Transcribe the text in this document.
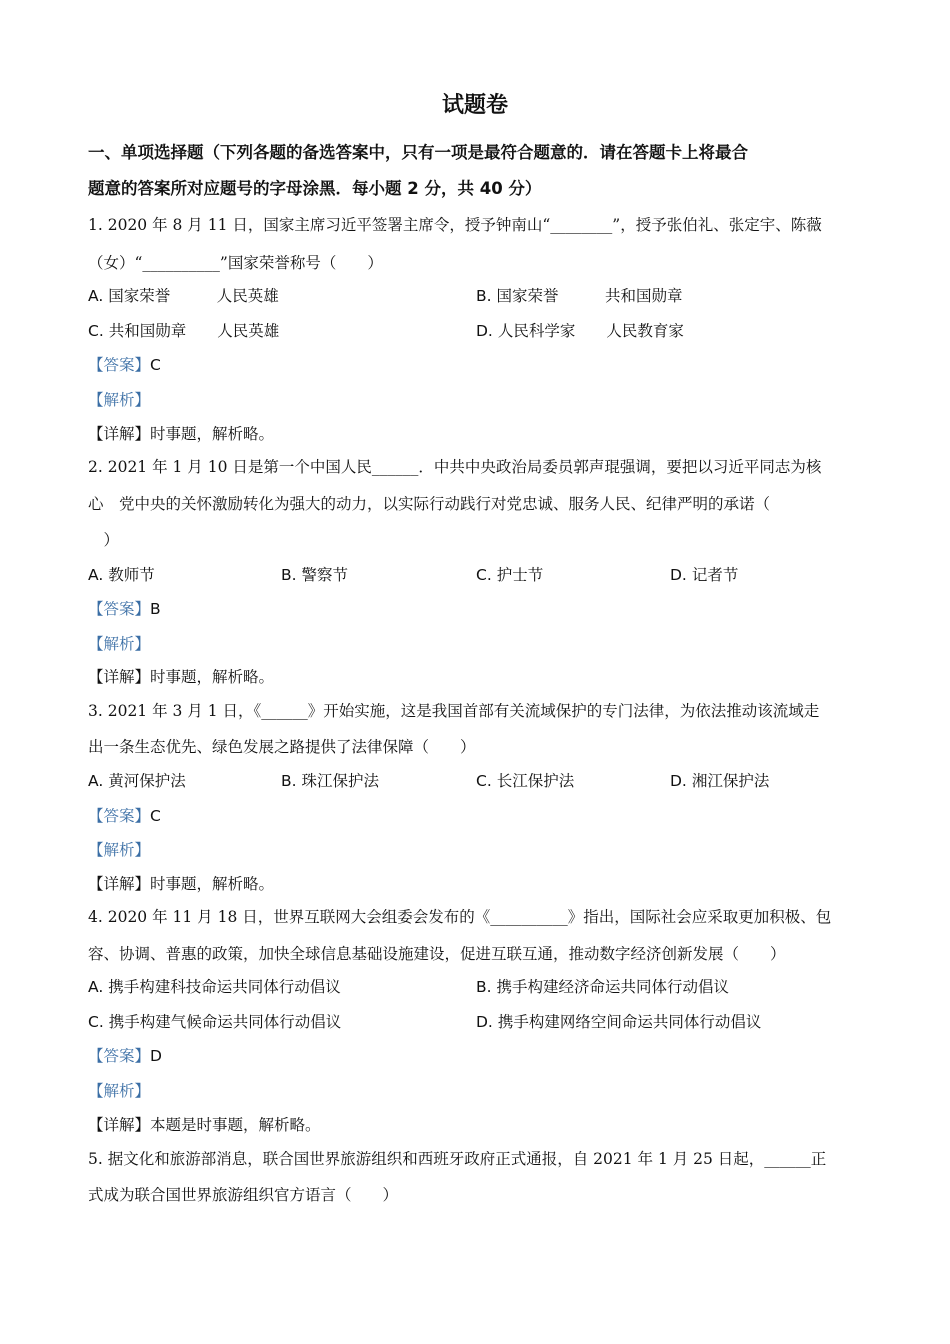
试题卷
一、单项选择题（下列各题的备选答案中，只有一项是最符合题意的．请在答题卡上将最合
题意的答案所对应题号的字母涂黑．每小题 2 分，共 40 分）
1. 2020 年 8 月 11 日，国家主席习近平签署主席令，授予钟南山“________”，授予张伯礼、张定宇、陈薇
（女）“__________”国家荣誉称号（　　）
A. 国家荣誉　　　人民英雄	B. 国家荣誉　　　共和国勋章
C. 共和国勋章　　人民英雄	D. 人民科学家　　人民教育家
【答案】C
【解析】
【详解】时事题，解析略。
2. 2021 年 1 月 10 日是第一个中国人民______．中共中央政治局委员郭声琨强调，要把以习近平同志为核
心　党中央的关怀激励转化为强大的动力，以实际行动践行对党忠诚、服务人民、纪律严明的承诺（
　）
A. 教师节	B. 警察节	C. 护士节	D. 记者节
【答案】B
【解析】
【详解】时事题，解析略。
3. 2021 年 3 月 1 日，《______》开始实施，这是我国首部有关流域保护的专门法律，为依法推动该流域走
出一条生态优先、绿色发展之路提供了法律保障（　　）
A. 黄河保护法	B. 珠江保护法	C. 长江保护法	D. 湘江保护法
【答案】C
【解析】
【详解】时事题，解析略。
4. 2020 年 11 月 18 日，世界互联网大会组委会发布的《__________》指出，国际社会应采取更加积极、包
容、协调、普惠的政策，加快全球信息基础设施建设，促进互联互通，推动数字经济创新发展（　　）
A. 携手构建科技命运共同体行动倡议	B. 携手构建经济命运共同体行动倡议
C. 携手构建气候命运共同体行动倡议	D. 携手构建网络空间命运共同体行动倡议
【答案】D
【解析】
【详解】本题是时事题，解析略。
5. 据文化和旅游部消息，联合国世界旅游组织和西班牙政府正式通报，自 2021 年 1 月 25 日起，______正
式成为联合国世界旅游组织官方语言（　　）
